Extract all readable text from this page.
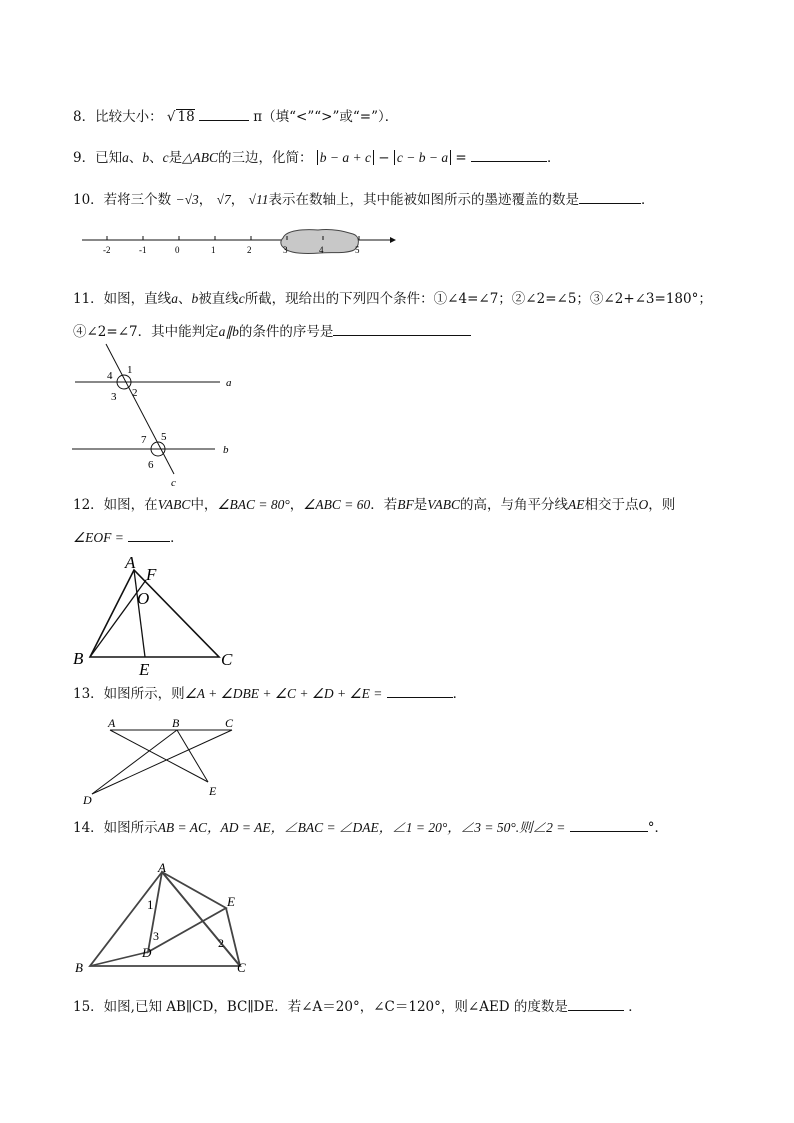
8．比较大小： √ 18	π（填“<”“>”或“=”）．
9．已知a、b、c是△ABC的三边，化简： b − a + c − c − b − a =	．
10．若将三个数 −√3， √7， √11表示在数轴上，其中能被如图所示的墨迹覆盖的数是	．
-2	-1	0	1	2	3	4	5
11．如图，直线a、b被直线c所截，现给出的下列四个条件：①∠4=∠7；②∠2=∠5；③∠2+∠3=180°；
④∠2=∠7．其中能判定a∥b的条件的序号是
1
2
3
4
5
6
7
a
b
c
12．如图，在VABC中，∠BAC = 80°，∠ABC = 60．若BF是VABC的高，与角平分线AE相交于点O，则
∠EOF =	．
A
F
O
B
E
C
13．如图所示，则∠A + ∠DBE + ∠C + ∠D + ∠E =	．
A	B	C
D
E
14．如图所示AB = AC，AD = AE，∠BAC = ∠DAE，∠1 = 20°，∠3 = 50°.则∠2 =	°．
A
E
1
3	2
D
B	C
15．如图,已知 AB∥CD，BC∥DE．若∠A＝20°，∠C＝120°，则∠AED 的度数是	．
